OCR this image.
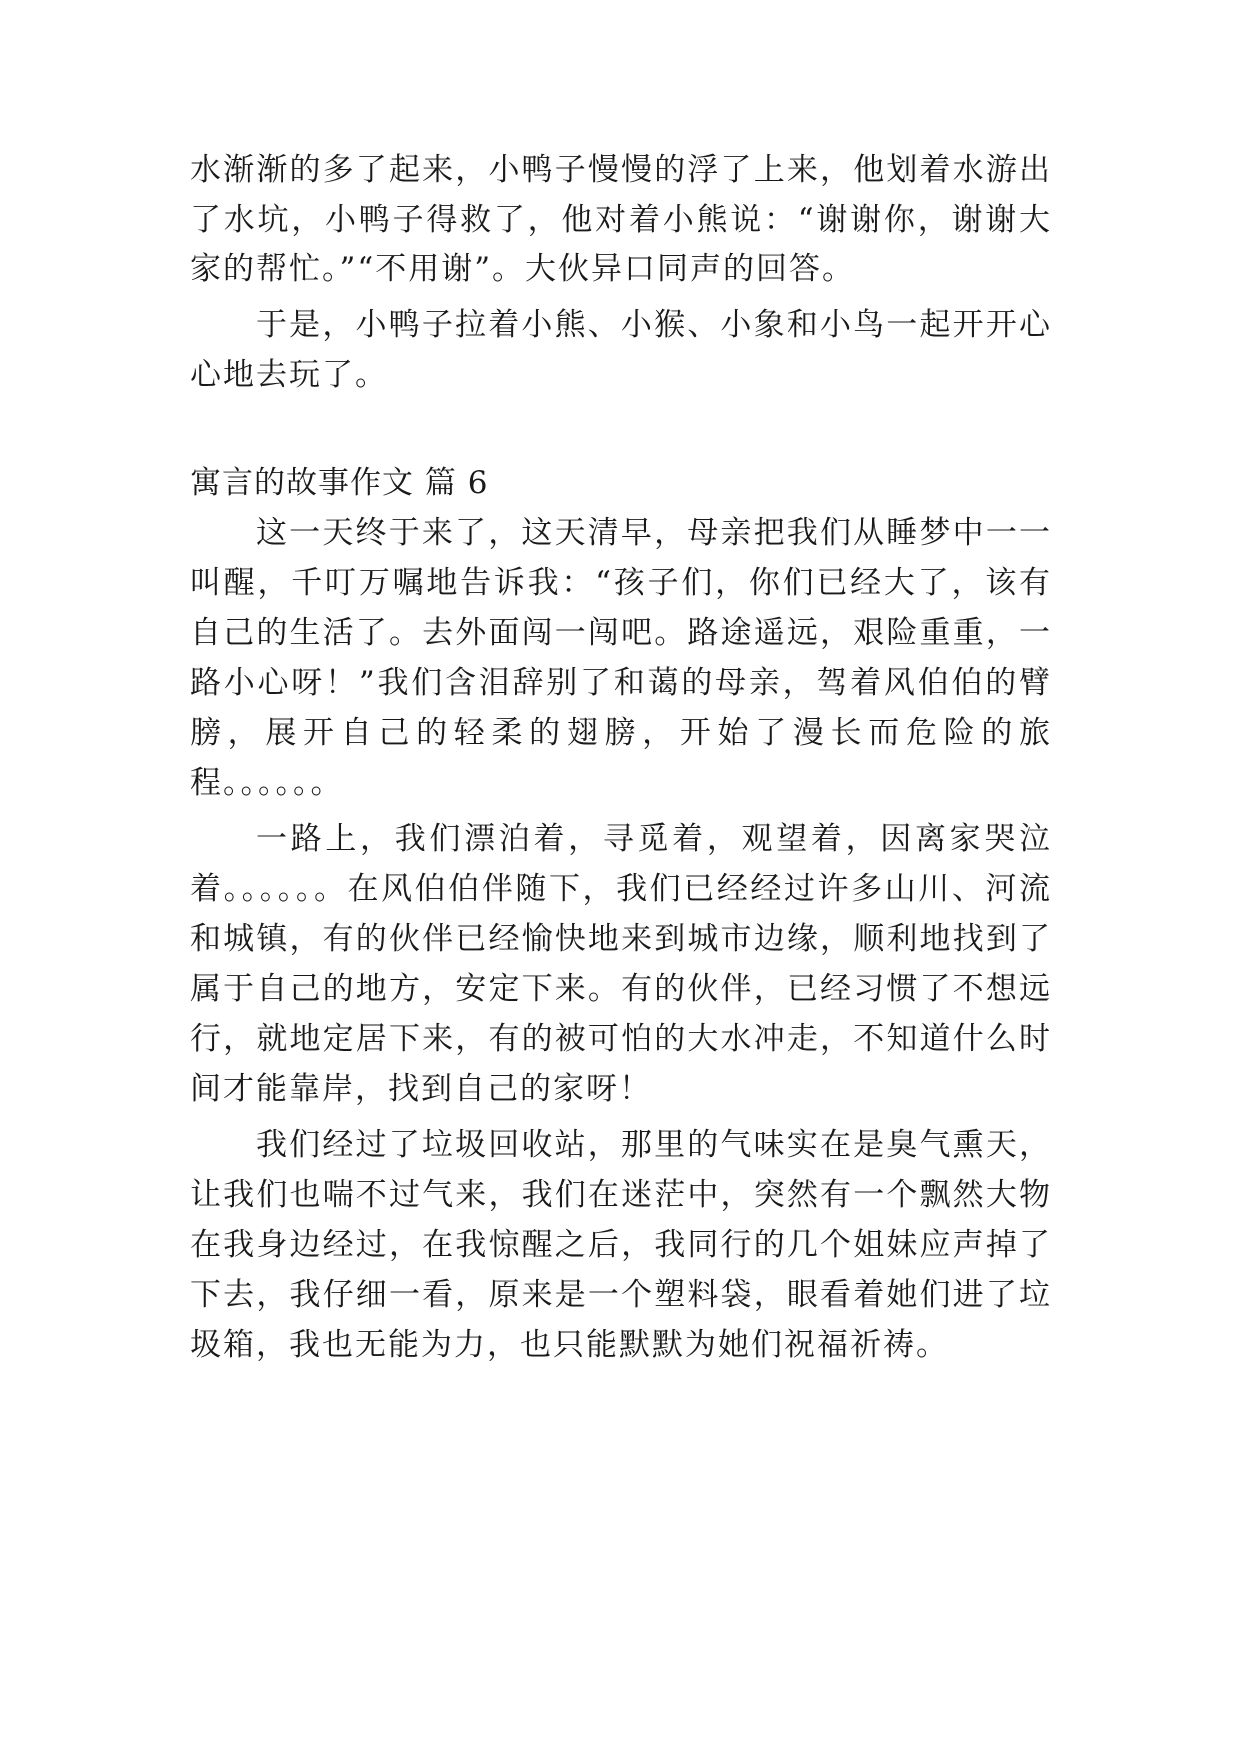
水渐渐的多了起来，小鸭子慢慢的浮了上来，他划着水游出
了水坑，小鸭子得救了，他对着小熊说：“谢谢你，谢谢大
家的帮忙。”“不用谢”。大伙异口同声的回答。
于是，小鸭子拉着小熊、小猴、小象和小鸟一起开开心
心地去玩了。
寓言的故事作文 篇 6
这一天终于来了，这天清早，母亲把我们从睡梦中一一
叫醒，千叮万嘱地告诉我：“孩子们，你们已经大了，该有
自己的生活了。去外面闯一闯吧。路途遥远，艰险重重，一
路小心呀！”我们含泪辞别了和蔼的母亲，驾着风伯伯的臂
膀，展开自己的轻柔的翅膀，开始了漫长而危险的旅
程。。。。。。
一路上，我们漂泊着，寻觅着，观望着，因离家哭泣
着。。。。。。在风伯伯伴随下，我们已经经过许多山川、河流
和城镇，有的伙伴已经愉快地来到城市边缘，顺利地找到了
属于自己的地方，安定下来。有的伙伴，已经习惯了不想远
行，就地定居下来，有的被可怕的大水冲走，不知道什么时
间才能靠岸，找到自己的家呀！
我们经过了垃圾回收站，那里的气味实在是臭气熏天，
让我们也喘不过气来，我们在迷茫中，突然有一个飘然大物
在我身边经过，在我惊醒之后，我同行的几个姐妹应声掉了
下去，我仔细一看，原来是一个塑料袋，眼看着她们进了垃
圾箱，我也无能为力，也只能默默为她们祝福祈祷。
